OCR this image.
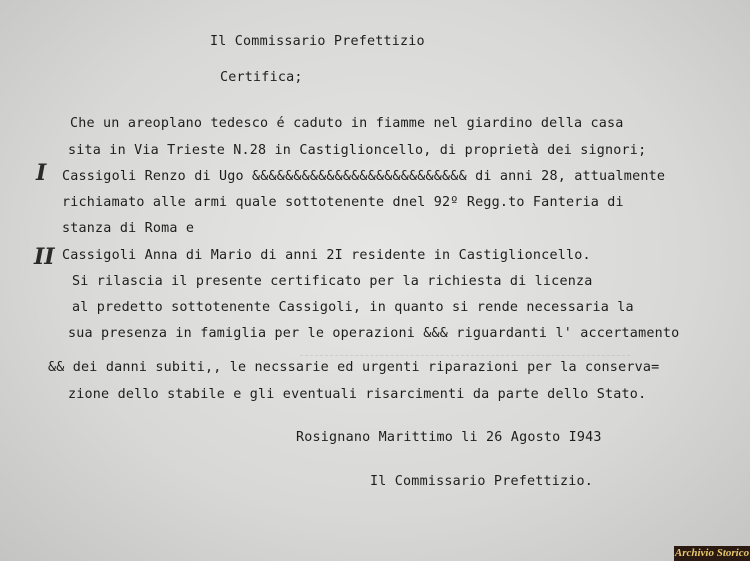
Il Commissario Prefettizio
Certifica;
I
II
Che un areoplano tedesco é caduto in fiamme nel giardino della casa
sita in Via Trieste N.28 in Castiglioncello, di proprietà dei signori;
Cassigoli Renzo di Ugo &&&&&&&&&&&&&&&&&&&&&&&&&& di anni 28, attualmente
richiamato alle armi quale sottotenente dnel 92º Regg.to Fanteria di
stanza di Roma e
Cassigoli Anna di Mario di anni 2I residente in Castiglioncello.
Si rilascia il presente certificato per la richiesta di licenza
al predetto sottotenente Cassigoli, in quanto si rende necessaria la
sua presenza in famiglia per le operazioni &&& riguardanti l' accertamento
&& dei danni subiti,, le necssarie ed urgenti riparazioni per la conserva=
zione dello stabile e gli eventuali risarcimenti da parte dello Stato.
Rosignano Marittimo li 26 Agosto I943
Il Commissario Prefettizio.
Archivio Storico
